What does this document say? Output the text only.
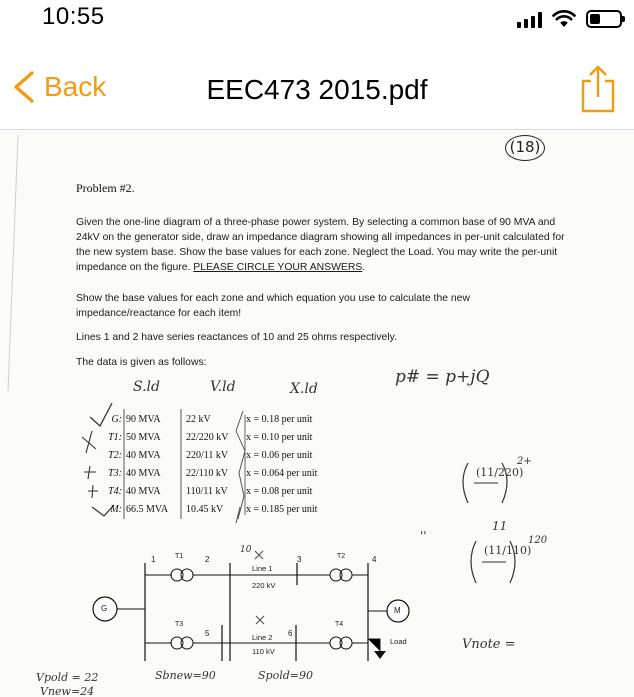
10:55
Back	EEC473 2015.pdf
(18)
Problem #2.
Given the one-line diagram of a three-phase power system. By selecting a common base of 90 MVA and 24kV on the generator side, draw an impedance diagram showing all impedances in per-unit calculated for the new system base. Show the base values for each zone. Neglect the Load. You may write the per-unit impedance on the figure. PLEASE CIRCLE YOUR ANSWERS.
Show the base values for each zone and which equation you use to calculate the new impedance/reactance for each item!
Lines 1 and 2 have series reactances of 10 and 25 ohms respectively.
The data is given as follows:
S.ld	V.ld	X.ld
p# = p+jQ
G: 90 MVA	22 kV	x = 0.18 per unit
T1: 50 MVA	22/220 kV x = 0.10 per unit
T2: 40 MVA	220/11 kV x = 0.06 per unit
T3: 40 MVA	22/110 kV x = 0.064 per unit
T4: 40 MVA	110/11 kV x = 0.08 per unit
M: 66.5 MVA 10.45 kV x = 0.185 per unit
(11/220)
2+
(11/110)
120
11
''
1	2	3	4
5	6
T1	T2
T3	T4
Line 1
220 kV
Line 2
110 kV
G	M
Load
10
Vnote =
Vpold = 22	Sbnew=90	Spold=90
Vnew=24
